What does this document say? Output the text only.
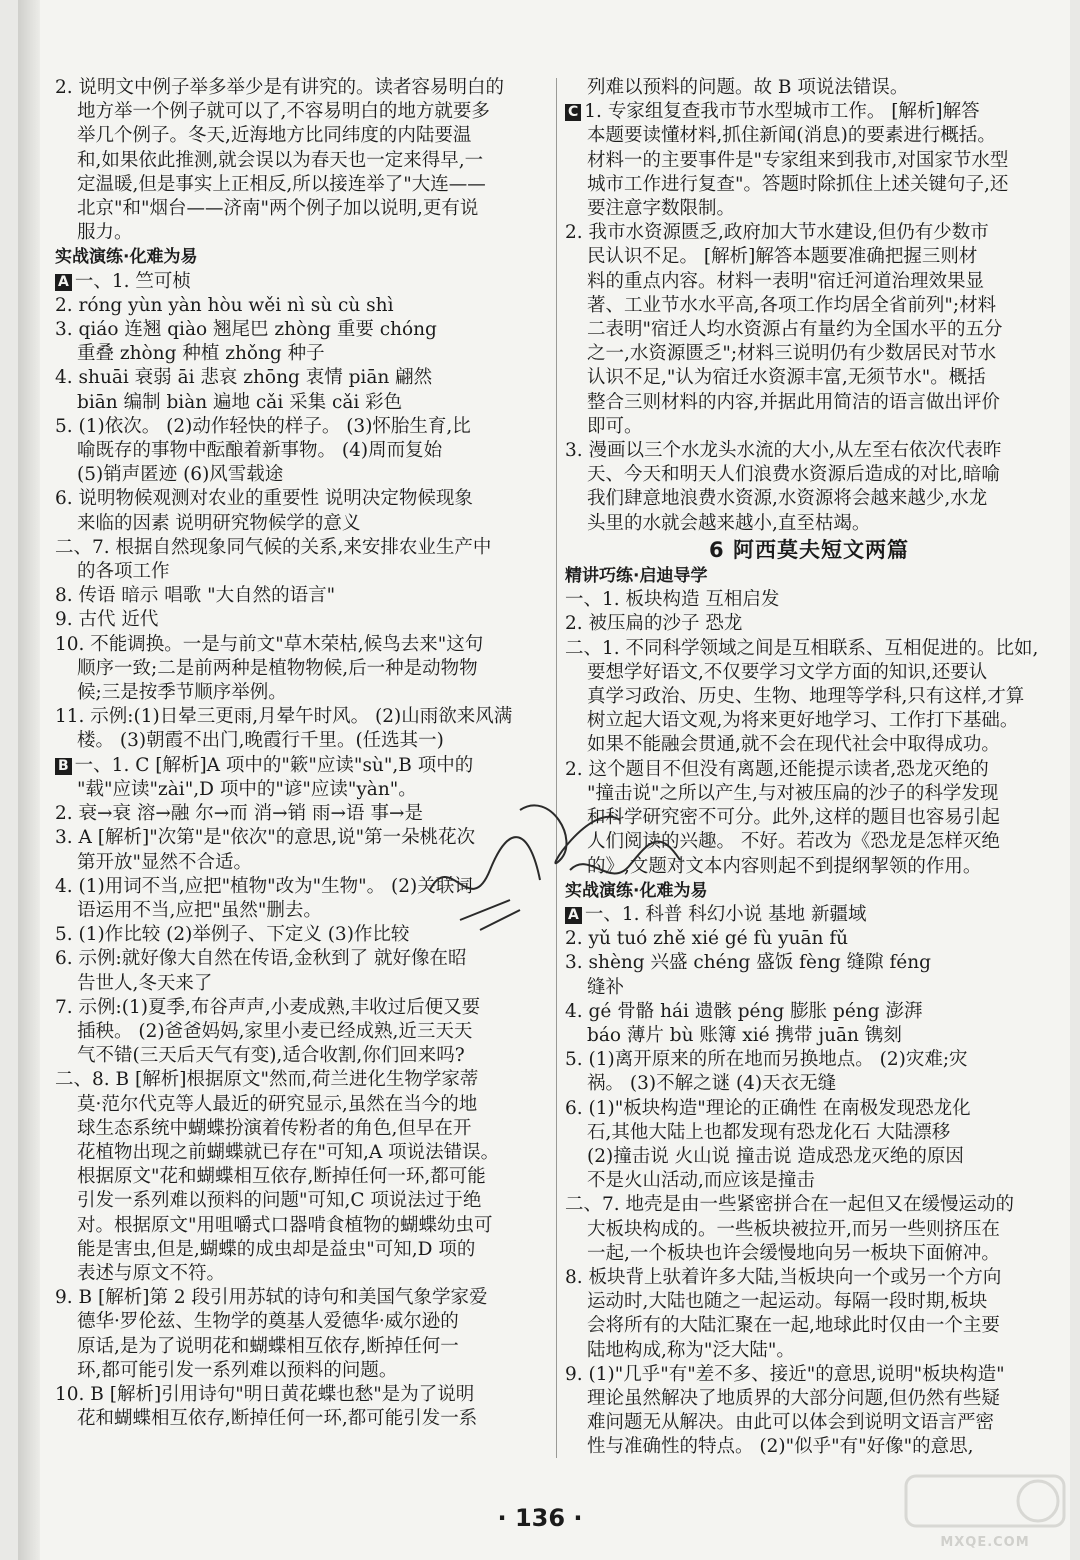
2. 说明文中例子举多举少是有讲究的。读者容易明白的

地方举一个例子就可以了,不容易明白的地方就要多

举几个例子。冬天,近海地方比同纬度的内陆要温

和,如果依此推测,就会误以为春天也一定来得早,一

定温暖,但是事实上正相反,所以接连举了"大连——

北京"和"烟台——济南"两个例子加以说明,更有说

服力。

实战演练·化难为易

A 一、1. 竺可桢

2. róng yùn yàn hòu wěi nì sù cù shì

3. qiáo 连翘 qiào 翘尾巴 zhòng 重要 chóng

重叠 zhòng 种植 zhǒng 种子

4. shuāi 衰弱 āi 悲哀 zhōng 衷情 piān 翩然

biān 编制 biàn 遍地 cǎi 采集 cǎi 彩色

5. (1)依次。 (2)动作轻快的样子。 (3)怀胎生育,比

喻既存的事物中酝酿着新事物。 (4)周而复始

(5)销声匿迹 (6)风雪载途

6. 说明物候观测对农业的重要性 说明决定物候现象

来临的因素 说明研究物候学的意义

二、7. 根据自然现象同气候的关系,来安排农业生产中

的各项工作

8. 传语 暗示 唱歌 "大自然的语言"

9. 古代 近代

10. 不能调换。一是与前文"草木荣枯,候鸟去来"这句

顺序一致;二是前两种是植物物候,后一种是动物物

候;三是按季节顺序举例。

11. 示例:(1)日晕三更雨,月晕午时风。 (2)山雨欲来风满

楼。 (3)朝霞不出门,晚霞行千里。(任选其一)

B 一、1. C [解析]A 项中的"簌"应读"sù",B 项中的

"载"应读"zài",D 项中的"谚"应读"yàn"。

2. 衰→衰 溶→融 尔→而 消→销 雨→语 事→是

3. A [解析]"次第"是"依次"的意思,说"第一朵桃花次

第开放"显然不合适。

4. (1)用词不当,应把"植物"改为"生物"。 (2)关联词

语运用不当,应把"虽然"删去。

5. (1)作比较 (2)举例子、下定义 (3)作比较

6. 示例:就好像大自然在传语,金秋到了 就好像在昭

告世人,冬天来了

7. 示例:(1)夏季,布谷声声,小麦成熟,丰收过后便又要

插秧。 (2)爸爸妈妈,家里小麦已经成熟,近三天天

气不错(三天后天气有变),适合收割,你们回来吗?

二、8. B [解析]根据原文"然而,荷兰进化生物学家蒂

莫·范尔代克等人最近的研究显示,虽然在当今的地

球生态系统中蝴蝶扮演着传粉者的角色,但早在开

花植物出现之前蝴蝶就已存在"可知,A 项说法错误。

根据原文"花和蝴蝶相互依存,断掉任何一环,都可能

引发一系列难以预料的问题"可知,C 项说法过于绝

对。根据原文"用咀嚼式口器啃食植物的蝴蝶幼虫可

能是害虫,但是,蝴蝶的成虫却是益虫"可知,D 项的

表述与原文不符。

9. B [解析]第 2 段引用苏轼的诗句和美国气象学家爱

德华·罗伦兹、生物学的奠基人爱德华·威尔逊的

原话,是为了说明花和蝴蝶相互依存,断掉任何一

环,都可能引发一系列难以预料的问题。

10. B [解析]引用诗句"明日黄花蝶也愁"是为了说明

花和蝴蝶相互依存,断掉任何一环,都可能引发一系

列难以预料的问题。故 B 项说法错误。

C 1. 专家组复查我市节水型城市工作。 [解析]解答

本题要读懂材料,抓住新闻(消息)的要素进行概括。

材料一的主要事件是"专家组来到我市,对国家节水型

城市工作进行复查"。答题时除抓住上述关键句子,还

要注意字数限制。

2. 我市水资源匮乏,政府加大节水建设,但仍有少数市

民认识不足。 [解析]解答本题要准确把握三则材

料的重点内容。材料一表明"宿迁河道治理效果显

著、工业节水水平高,各项工作均居全省前列";材料

二表明"宿迁人均水资源占有量约为全国水平的五分

之一,水资源匮乏";材料三说明仍有少数居民对节水

认识不足,"认为宿迁水资源丰富,无须节水"。概括

整合三则材料的内容,并据此用简洁的语言做出评价

即可。

3. 漫画以三个水龙头水流的大小,从左至右依次代表昨

天、今天和明天人们浪费水资源后造成的对比,暗喻

我们肆意地浪费水资源,水资源将会越来越少,水龙

头里的水就会越来越小,直至枯竭。

6 阿西莫夫短文两篇

精讲巧练·启迪导学

一、1. 板块构造 互相启发

2. 被压扁的沙子 恐龙

二、1. 不同科学领域之间是互相联系、互相促进的。比如,

要想学好语文,不仅要学习文学方面的知识,还要认

真学习政治、历史、生物、地理等学科,只有这样,才算

树立起大语文观,为将来更好地学习、工作打下基础。

如果不能融会贯通,就不会在现代社会中取得成功。

2. 这个题目不但没有离题,还能提示读者,恐龙灭绝的

"撞击说"之所以产生,与对被压扁的沙子的科学发现

和科学研究密不可分。此外,这样的题目也容易引起

人们阅读的兴趣。 不好。若改为《恐龙是怎样灭绝

的》,文题对文本内容则起不到提纲挈领的作用。

实战演练·化难为易

A 一、1. 科普 科幻小说 基地 新疆域

2. yǔ tuó zhě xié gé fù yuān fǔ

3. shèng 兴盛 chéng 盛饭 fèng 缝隙 féng

缝补

4. gé 骨骼 hái 遗骸 péng 膨胀 péng 澎湃

báo 薄片 bù 账簿 xié 携带 juān 镌刻

5. (1)离开原来的所在地而另换地点。 (2)灾难;灾

祸。 (3)不解之谜 (4)天衣无缝

6. (1)"板块构造"理论的正确性 在南极发现恐龙化

石,其他大陆上也都发现有恐龙化石 大陆漂移

(2)撞击说 火山说 撞击说 造成恐龙灭绝的原因

不是火山活动,而应该是撞击

二、7. 地壳是由一些紧密拼合在一起但又在缓慢运动的

大板块构成的。一些板块被拉开,而另一些则挤压在

一起,一个板块也许会缓慢地向另一板块下面俯冲。

8. 板块背上驮着许多大陆,当板块向一个或另一个方向

运动时,大陆也随之一起运动。每隔一段时期,板块

会将所有的大陆汇聚在一起,地球此时仅由一个主要

陆地构成,称为"泛大陆"。

9. (1)"几乎"有"差不多、接近"的意思,说明"板块构造"

理论虽然解决了地质界的大部分问题,但仍然有些疑

难问题无从解决。由此可以体会到说明文语言严密

性与准确性的特点。 (2)"似乎"有"好像"的意思,

· 136 ·
MXQE.COM
